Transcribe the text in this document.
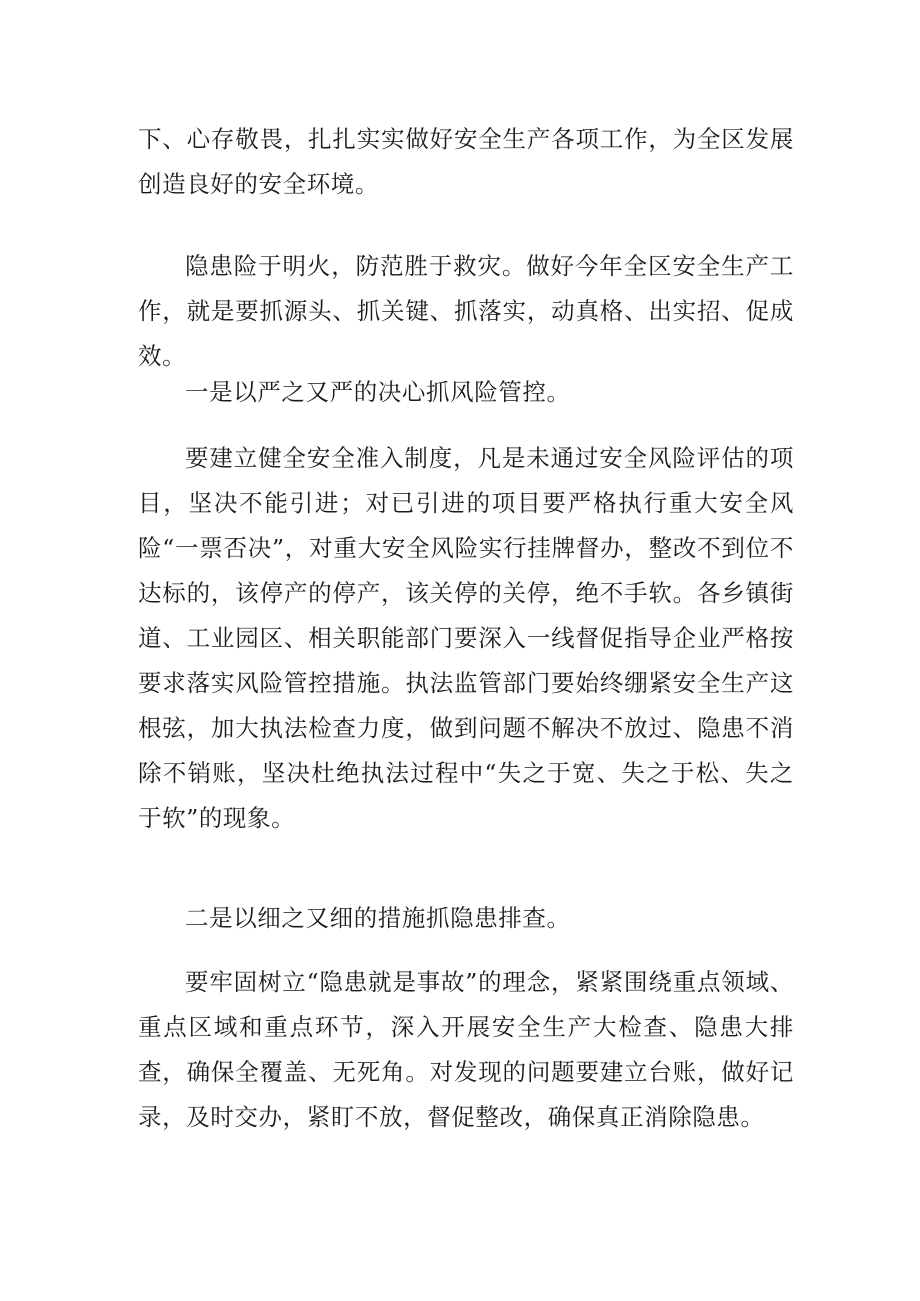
下、心存敬畏，扎扎实实做好安全生产各项工作，为全区发展创造良好的安全环境。

隐患险于明火，防范胜于救灾。做好今年全区安全生产工作，就是要抓源头、抓关键、抓落实，动真格、出实招、促成效。

一是以严之又严的决心抓风险管控。

要建立健全安全准入制度，凡是未通过安全风险评估的项目，坚决不能引进；对已引进的项目要严格执行重大安全风险“一票否决”，对重大安全风险实行挂牌督办，整改不到位不达标的，该停产的停产，该关停的关停，绝不手软。各乡镇街道、工业园区、相关职能部门要深入一线督促指导企业严格按要求落实风险管控措施。执法监管部门要始终绷紧安全生产这根弦，加大执法检查力度，做到问题不解决不放过、隐患不消除不销账，坚决杜绝执法过程中“失之于宽、失之于松、失之于软”的现象。

二是以细之又细的措施抓隐患排查。

要牢固树立“隐患就是事故”的理念，紧紧围绕重点领域、重点区域和重点环节，深入开展安全生产大检查、隐患大排查，确保全覆盖、无死角。对发现的问题要建立台账，做好记录，及时交办，紧盯不放，督促整改，确保真正消除隐患。
